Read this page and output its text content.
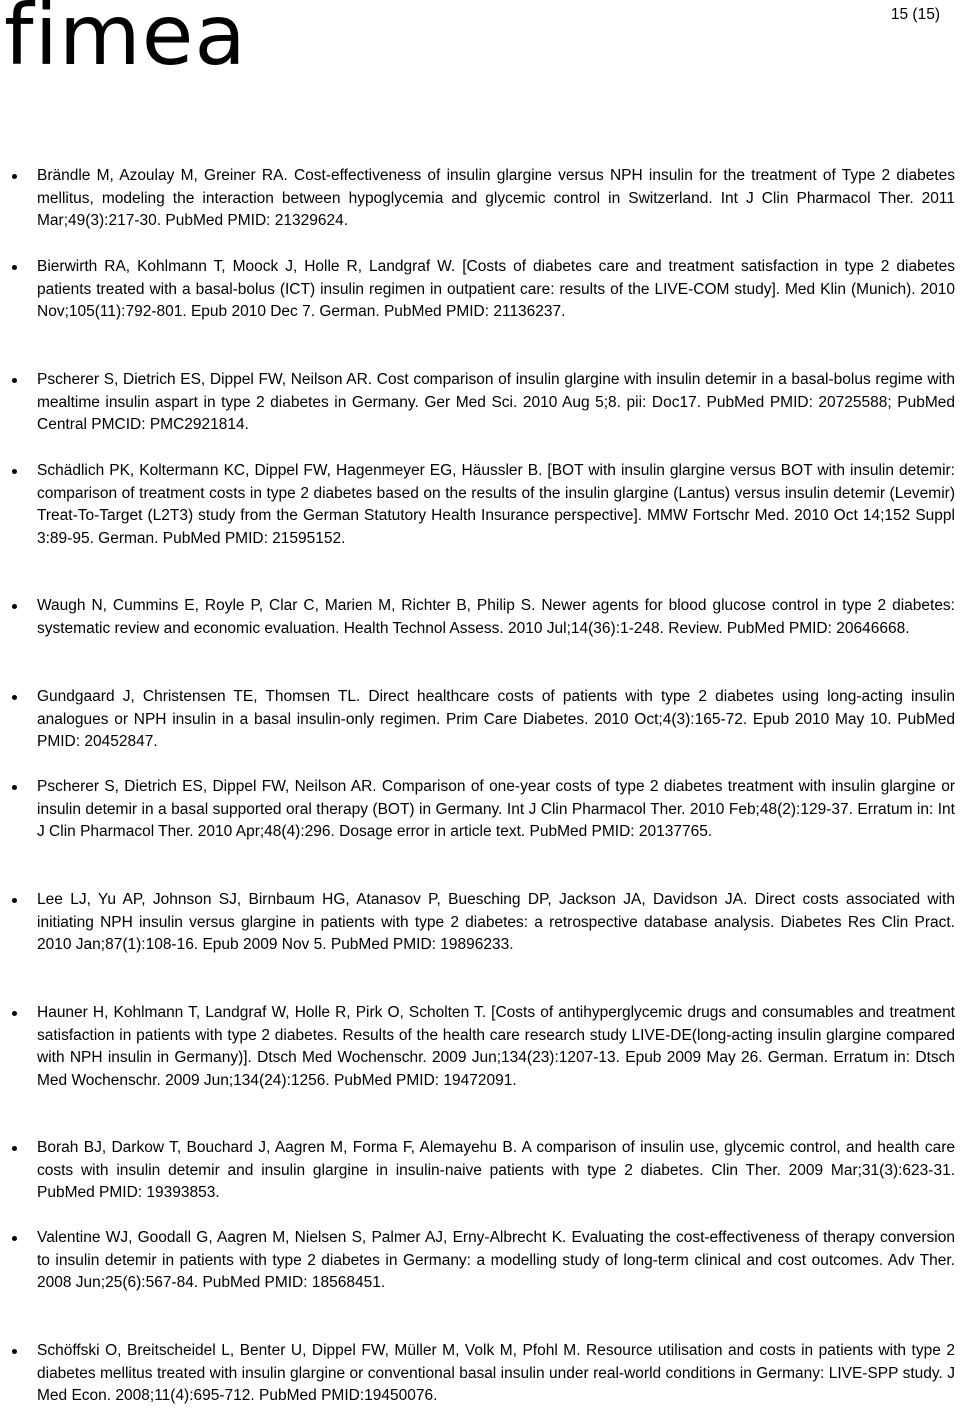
fimea	15 (15)
Brändle M, Azoulay M, Greiner RA. Cost-effectiveness of insulin glargine versus NPH insulin for the treatment of Type 2 diabetes mellitus, modeling the interaction between hypoglycemia and glycemic control in Switzerland. Int J Clin Pharmacol Ther. 2011 Mar;49(3):217-30. PubMed PMID: 21329624.
Bierwirth RA, Kohlmann T, Moock J, Holle R, Landgraf W. [Costs of diabetes care and treatment satisfaction in type 2 diabetes patients treated with a basal-bolus (ICT) insulin regimen in outpatient care: results of the LIVE-COM study]. Med Klin (Munich). 2010 Nov;105(11):792-801. Epub 2010 Dec 7. German. PubMed PMID: 21136237.
Pscherer S, Dietrich ES, Dippel FW, Neilson AR. Cost comparison of insulin glargine with insulin detemir in a basal-bolus regime with mealtime insulin aspart in type 2 diabetes in Germany. Ger Med Sci. 2010 Aug 5;8. pii: Doc17. PubMed PMID: 20725588; PubMed Central PMCID: PMC2921814.
Schädlich PK, Koltermann KC, Dippel FW, Hagenmeyer EG, Häussler B. [BOT with insulin glargine versus BOT with insulin detemir: comparison of treatment costs in type 2 diabetes based on the results of the insulin glargine (Lantus) versus insulin detemir (Levemir) Treat-To-Target (L2T3) study from the German Statutory Health Insurance perspective]. MMW Fortschr Med. 2010 Oct 14;152 Suppl 3:89-95. German. PubMed PMID: 21595152.
Waugh N, Cummins E, Royle P, Clar C, Marien M, Richter B, Philip S. Newer agents for blood glucose control in type 2 diabetes: systematic review and economic evaluation. Health Technol Assess. 2010 Jul;14(36):1-248. Review. PubMed PMID: 20646668.
Gundgaard J, Christensen TE, Thomsen TL. Direct healthcare costs of patients with type 2 diabetes using long-acting insulin analogues or NPH insulin in a basal insulin-only regimen. Prim Care Diabetes. 2010 Oct;4(3):165-72. Epub 2010 May 10. PubMed PMID: 20452847.
Pscherer S, Dietrich ES, Dippel FW, Neilson AR. Comparison of one-year costs of type 2 diabetes treatment with insulin glargine or insulin detemir in a basal supported oral therapy (BOT) in Germany. Int J Clin Pharmacol Ther. 2010 Feb;48(2):129-37. Erratum in: Int J Clin Pharmacol Ther. 2010 Apr;48(4):296. Dosage error in article text. PubMed PMID: 20137765.
Lee LJ, Yu AP, Johnson SJ, Birnbaum HG, Atanasov P, Buesching DP, Jackson JA, Davidson JA. Direct costs associated with initiating NPH insulin versus glargine in patients with type 2 diabetes: a retrospective database analysis. Diabetes Res Clin Pract. 2010 Jan;87(1):108-16. Epub 2009 Nov 5. PubMed PMID: 19896233.
Hauner H, Kohlmann T, Landgraf W, Holle R, Pirk O, Scholten T. [Costs of antihyperglycemic drugs and consumables and treatment satisfaction in patients with type 2 diabetes. Results of the health care research study LIVE-DE(long-acting insulin glargine compared with NPH insulin in Germany)]. Dtsch Med Wochenschr. 2009 Jun;134(23):1207-13. Epub 2009 May 26. German. Erratum in: Dtsch Med Wochenschr. 2009 Jun;134(24):1256. PubMed PMID: 19472091.
Borah BJ, Darkow T, Bouchard J, Aagren M, Forma F, Alemayehu B. A comparison of insulin use, glycemic control, and health care costs with insulin detemir and insulin glargine in insulin-naive patients with type 2 diabetes. Clin Ther. 2009 Mar;31(3):623-31. PubMed PMID: 19393853.
Valentine WJ, Goodall G, Aagren M, Nielsen S, Palmer AJ, Erny-Albrecht K. Evaluating the cost-effectiveness of therapy conversion to insulin detemir in patients with type 2 diabetes in Germany: a modelling study of long-term clinical and cost outcomes. Adv Ther. 2008 Jun;25(6):567-84. PubMed PMID: 18568451.
Schöffski O, Breitscheidel L, Benter U, Dippel FW, Müller M, Volk M, Pfohl M. Resource utilisation and costs in patients with type 2 diabetes mellitus treated with insulin glargine or conventional basal insulin under real-world conditions in Germany: LIVE-SPP study. J Med Econ. 2008;11(4):695-712. PubMed PMID:19450076.
